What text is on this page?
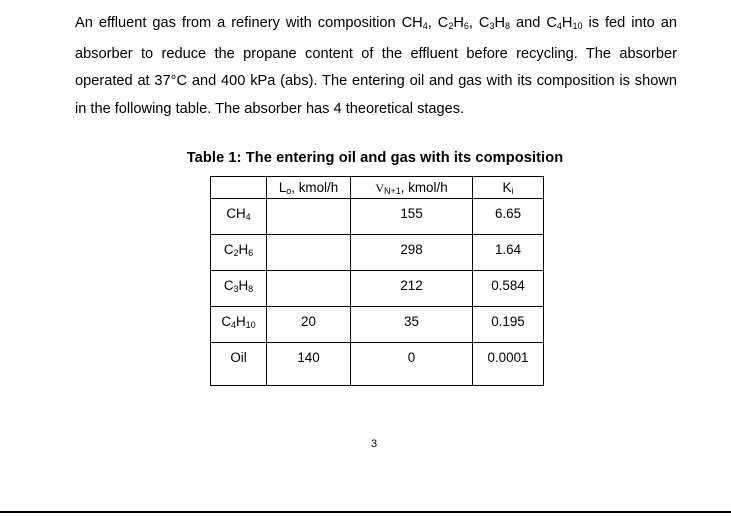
An effluent gas from a refinery with composition $CH_4$, $C_2H_6$, $C_3H_8$ and $C_4H_{10}$ is fed into an absorber to reduce the propane content of the effluent before recycling. The absorber operated at 37°C and 400 kPa (abs). The entering oil and gas with its composition is shown in the following table. The absorber has 4 theoretical stages.
Table 1: The entering oil and gas with its composition
	$L_o$, kmol/h	$V_{N+1}$, kmol/h	$K_i$
$CH_4$		155	6.65
$C_2H_6$		298	1.64
$C_3H_8$		212	0.584
$C_4H_{10}$	20	35	0.195
Oil	140	0	0.0001
3
